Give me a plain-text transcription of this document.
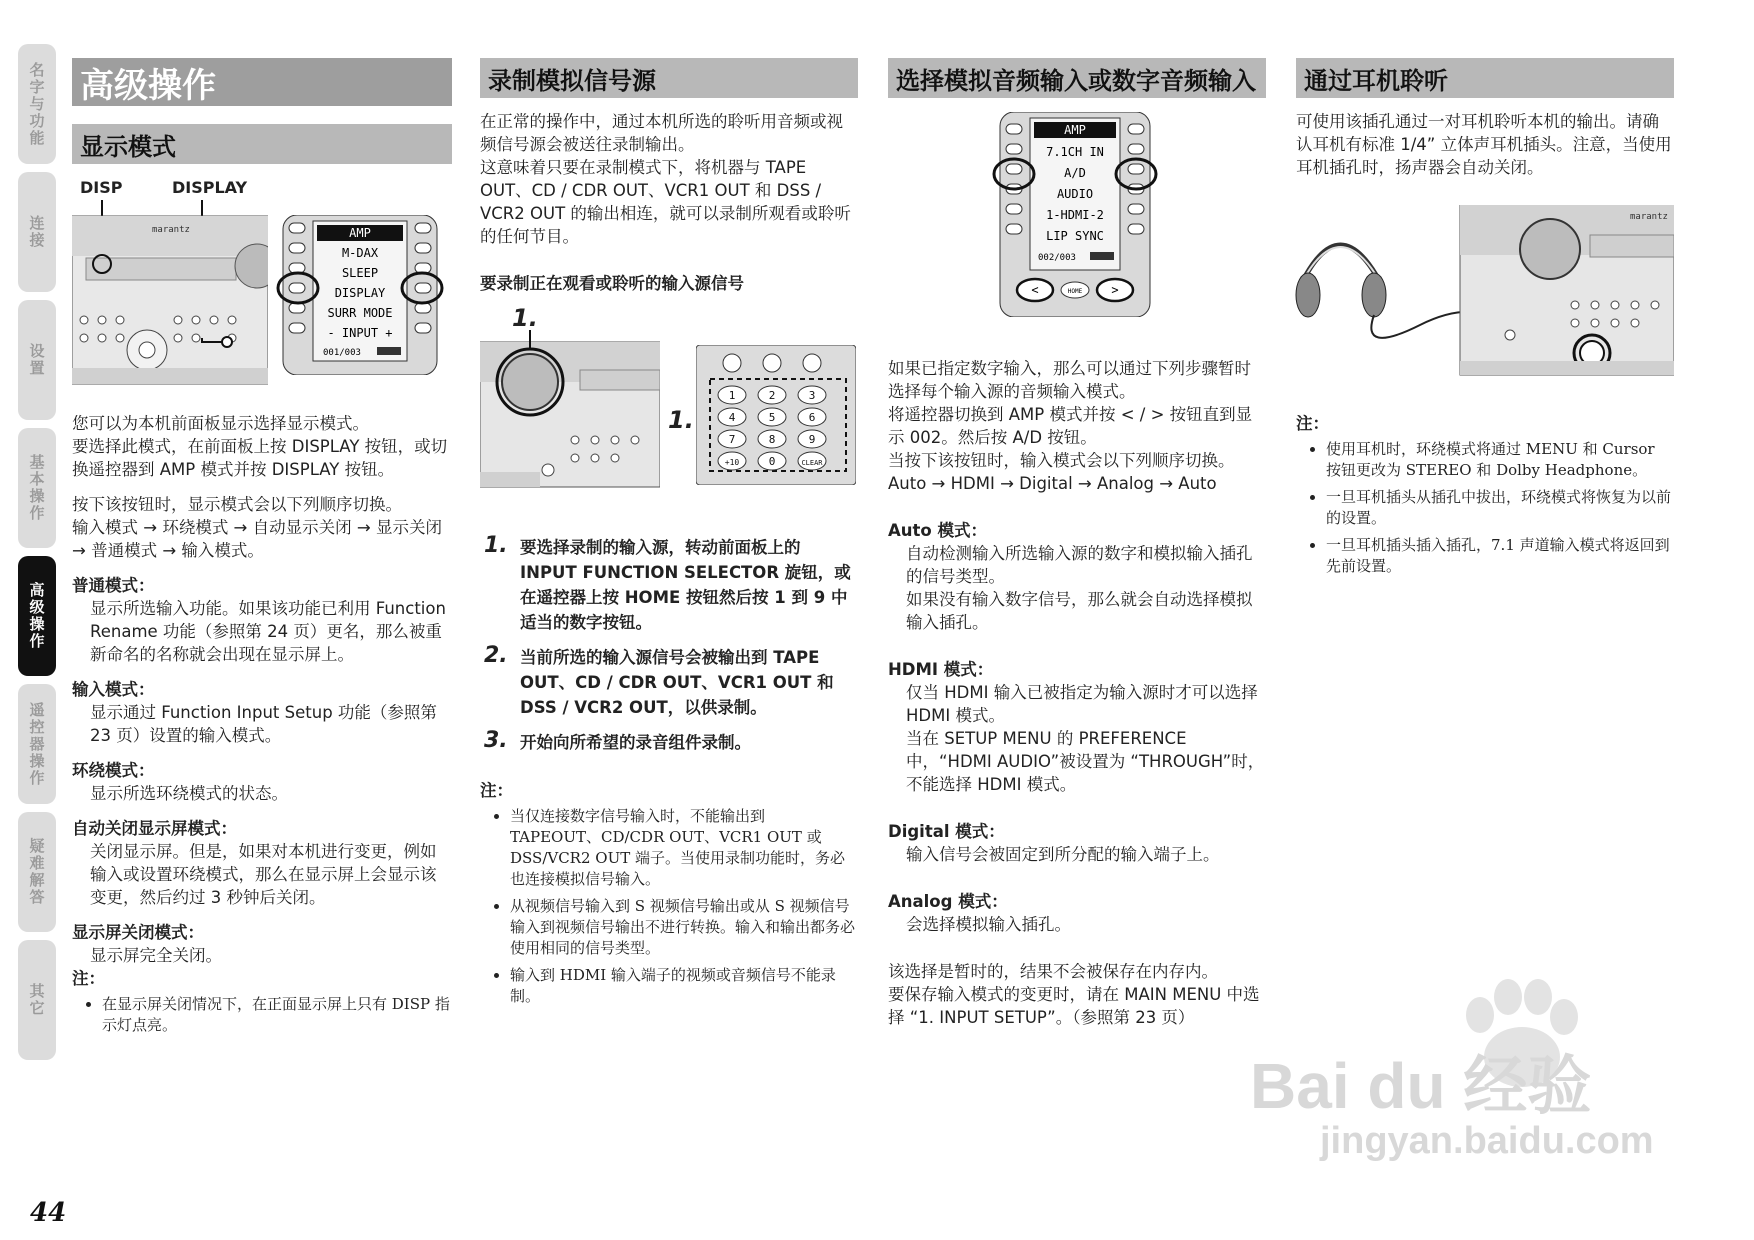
名字与功能
连接
设置
基本操作
高级操作
遥控器操作
疑难解答
其它
44
高级操作
显示模式
DISP	DISPLAY
marantz	AMP
M-DAX
SLEEP
DISPLAY
SURR MODE
- INPUT +
001/003

您可以为本机前面板显示选择显示模式。

要选择此模式，在前面板上按 DISPLAY 按钮，或切换遥控器到 AMP 模式并按 DISPLAY 按钮。

按下该按钮时，显示模式会以下列顺序切换。

输入模式 → 环绕模式 → 自动显示关闭 → 显示关闭 → 普通模式 → 输入模式。

普通模式：

显示所选输入功能。如果该功能已利用 Function Rename 功能（参照第 24 页）更名，那么被重新命名的名称就会出现在显示屏上。

输入模式：

显示通过 Function Input Setup 功能（参照第 23 页）设置的输入模式。

环绕模式：

显示所选环绕模式的状态。

自动关闭显示屏模式：

关闭显示屏。但是，如果对本机进行变更，例如输入或设置环绕模式，那么在显示屏上会显示该变更，然后约过 3 秒钟后关闭。

显示屏关闭模式：

显示屏完全关闭。

注：

• 在显示屏关闭情况下，在正面显示屏上只有 DISP 指示灯点亮。
录制模拟信号源

在正常的操作中，通过本机所选的聆听用音频或视频信号源会被送往录制输出。

这意味着只要在录制模式下，将机器与 TAPE OUT、CD / CDR OUT、VCR1 OUT 和 DSS / VCR2 OUT 的输出相连，就可以录制所观看或聆听的任何节目。

要录制正在观看或聆听的输入源信号

1.
1.
1	2	3
4	5	6
7	8	9
+10	0	CLEAR
1. 要选择录制的输入源，转动前面板上的 INPUT FUNCTION SELECTOR 旋钮，或在遥控器上按 HOME 按钮然后按 1 到 9 中适当的数字按钮。
2. 当前所选的输入源信号会被输出到 TAPE OUT、CD / CDR OUT、VCR1 OUT 和 DSS / VCR2 OUT，以供录制。
3. 开始向所希望的录音组件录制。

注：

• 当仅连接数字信号输入时，不能输出到 TAPEOUT、CD/CDR OUT、VCR1 OUT 或 DSS/VCR2 OUT 端子。当使用录制功能时，务必也连接模拟信号输入。
• 从视频信号输入到 S 视频信号输出或从 S 视频信号输入到视频信号输出不进行转换。输入和输出都务必使用相同的信号类型。
• 输入到 HDMI 输入端子的视频或音频信号不能录制。
选择模拟音频输入或数字音频输入
AMP
7.1CH IN
A/D
AUDIO
1-HDMI-2
LIP SYNC
002/003
<	HOME >

如果已指定数字输入，那么可以通过下列步骤暂时选择每个输入源的音频输入模式。

将遥控器切换到 AMP 模式并按 < / > 按钮直到显示 002。然后按 A/D 按钮。

当按下该按钮时，输入模式会以下列顺序切换。

Auto → HDMI → Digital → Analog → Auto

Auto 模式：

自动检测输入所选输入源的数字和模拟输入插孔的信号类型。

如果没有输入数字信号，那么就会自动选择模拟输入插孔。

HDMI 模式：

仅当 HDMI 输入已被指定为输入源时才可以选择 HDMI 模式。

当在 SETUP MENU 的 PREFERENCE 中，“HDMI AUDIO”被设置为 “THROUGH”时，不能选择 HDMI 模式。

Digital 模式：

输入信号会被固定到所分配的输入端子上。

Analog 模式：

会选择模拟输入插孔。

该选择是暂时的，结果不会被保存在内存内。

要保存输入模式的变更时，请在 MAIN MENU 中选择 “1. INPUT SETUP”。（参照第 23 页）

通过耳机聆听

可使用该插孔通过一对耳机聆听本机的输出。请确认耳机有标准 1/4” 立体声耳机插头。注意，当使用耳机插孔时，扬声器会自动关闭。

marantz

注：

• 使用耳机时，环绕模式将通过 MENU 和 Cursor 按钮更改为 STEREO 和 Dolby Headphone。
• 一旦耳机插头从插孔中拔出，环绕模式将恢复为以前的设置。
• 一旦耳机插头插入插孔，7.1 声道输入模式将返回到先前设置。
Bai du 经验
jingyan.baidu.com
